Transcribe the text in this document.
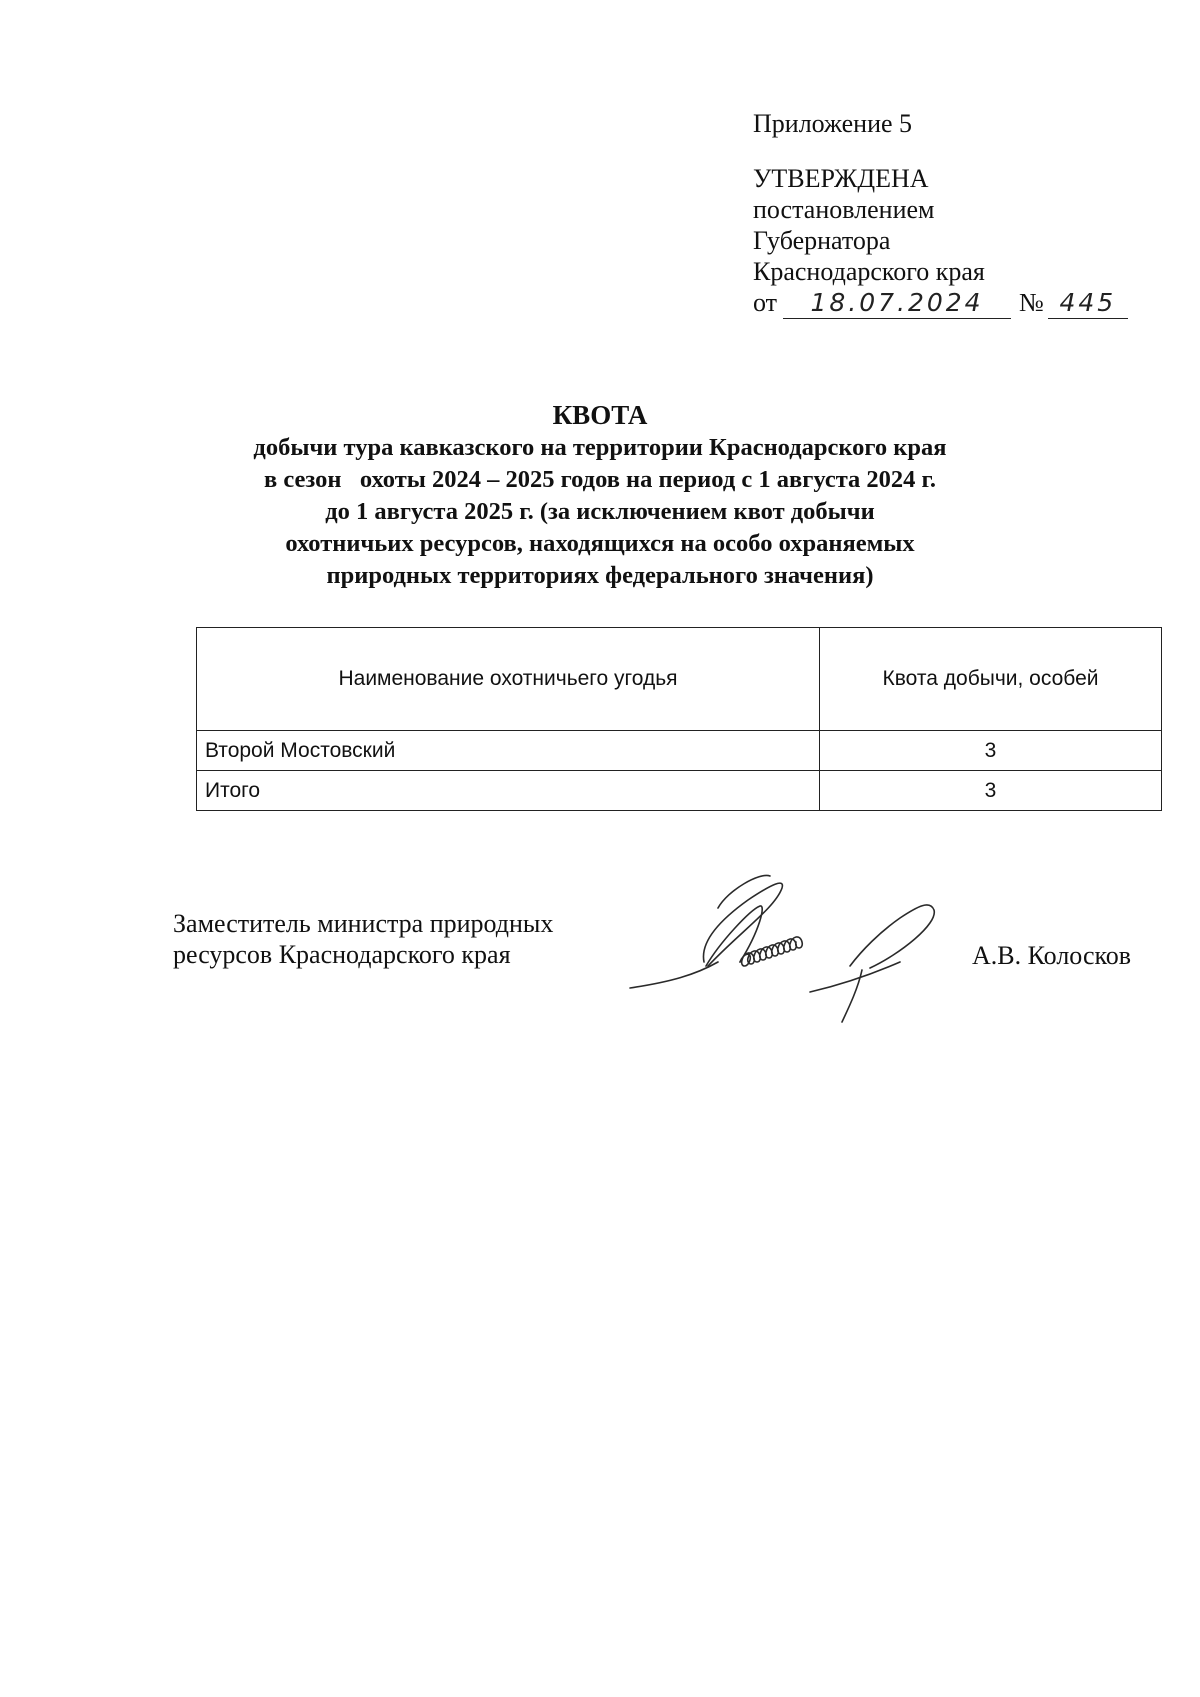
Приложение 5
УТВЕРЖДЕНА
постановлением
Губернатора
Краснодарского края
от 18.07.2024 № 445
КВОТА
добычи тура кавказского на территории Краснодарского края
в сезон   охоты 2024 – 2025 годов на период с 1 августа 2024 г.
до 1 августа 2025 г. (за исключением квот добычи
охотничьих ресурсов, находящихся на особо охраняемых
природных территориях федерального значения)
Наименование охотничьего угодья	Квота добычи, особей
Второй Мостовский	3
Итого	3
Заместитель министра природных
ресурсов Краснодарского края	А.В. Колосков
